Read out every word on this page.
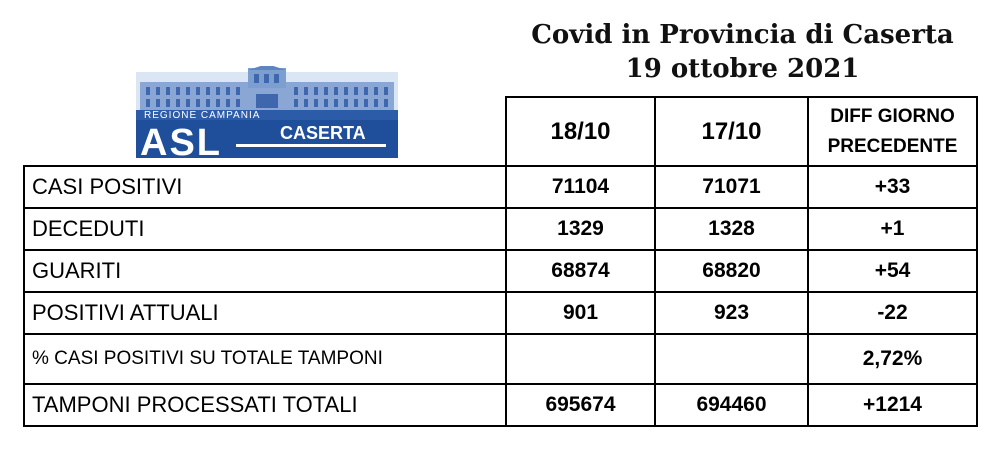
Covid in Provincia di Caserta
19 ottobre 2021
REGIONE CAMPANIA
ASL	CASERTA
		18/10	17/10	DIFF GIORNO
PRECEDENTE

CASI POSITIVI	71104	71071	+33
DECEDUTI	1329	1328	+1
GUARITI	68874	68820	+54
POSITIVI ATTUALI	901	923	-22
% CASI POSITIVI SU TOTALE TAMPONI			2,72%
TAMPONI PROCESSATI TOTALI	695674	694460	+1214
